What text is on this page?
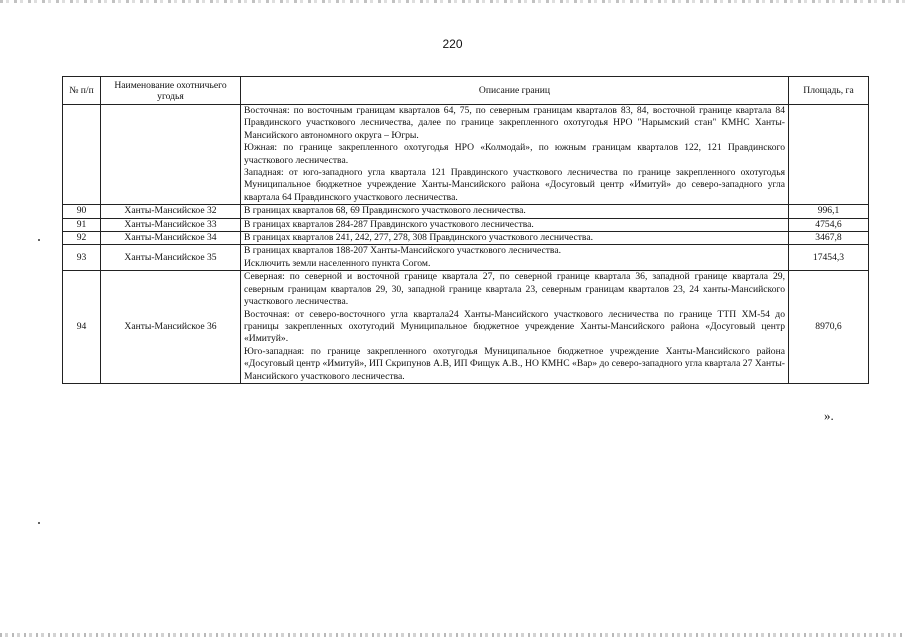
220
№ п/п	Наименование охотничьего угодья	Описание границ	Площадь, га

		Восточная: по восточным границам кварталов 64, 75, по северным границам кварталов 83, 84, восточной границе квартала 84 Правдинского участкового лесничества, далее по границе закрепленного охотугодья НРО "Нарымский стан" КМНС Ханты-Мансийского автономного округа – Югры.
Южная: по границе закрепленного охотугодья НРО «Колмодай», по южным границам кварталов 122, 121 Правдинского участкового лесничества.
Западная: от юго-западного угла квартала 121 Правдинского участкового лесничества по границе закрепленного охотугодья Муниципальное бюджетное учреждение Ханты-Мансийского района «Досуговый центр «Имитуй» до северо-западного угла квартала 64 Правдинского участкового лесничества.	

90	Ханты-Мансийское 32	В границах кварталов 68, 69 Правдинского участкового лесничества.	996,1
91	Ханты-Мансийское 33	В границах кварталов 284-287 Правдинского участкового лесничества.	4754,6
92	Ханты-Мансийское 34	В границах кварталов 241, 242, 277, 278, 308 Правдинского участкового лесничества.	3467,8
93	Ханты-Мансийское 35	В границах кварталов 188-207 Ханты-Мансийского участкового лесничества.
Исключить земли населенного пункта Согом.	17454,3
94	Ханты-Мансийское 36	Северная: по северной и восточной границе квартала 27, по северной границе квартала 36, западной границе квартала 29, северным границам кварталов 29, 30, западной границе квартала 23, северным границам кварталов 23, 24 ханты-Мансийского участкового лесничества.
Восточная: от северо-восточного угла квартала24 Ханты-Мансийского участкового лесничества по границе ТТП ХМ-54 до границы закрепленных охотугодий Муниципальное бюджетное учреждение Ханты-Мансийского района «Досуговый центр «Имитуй».
Юго-западная: по границе закрепленного охотугодья Муниципальное бюджетное учреждение Ханты-Мансийского района «Досуговый центр «Имитуй», ИП Скрипунов А.В, ИП Фищук А.В., НО КМНС «Вар» до северо-западного угла квартала 27 Ханты-Мансийского участкового лесничества.	8970,6
».
